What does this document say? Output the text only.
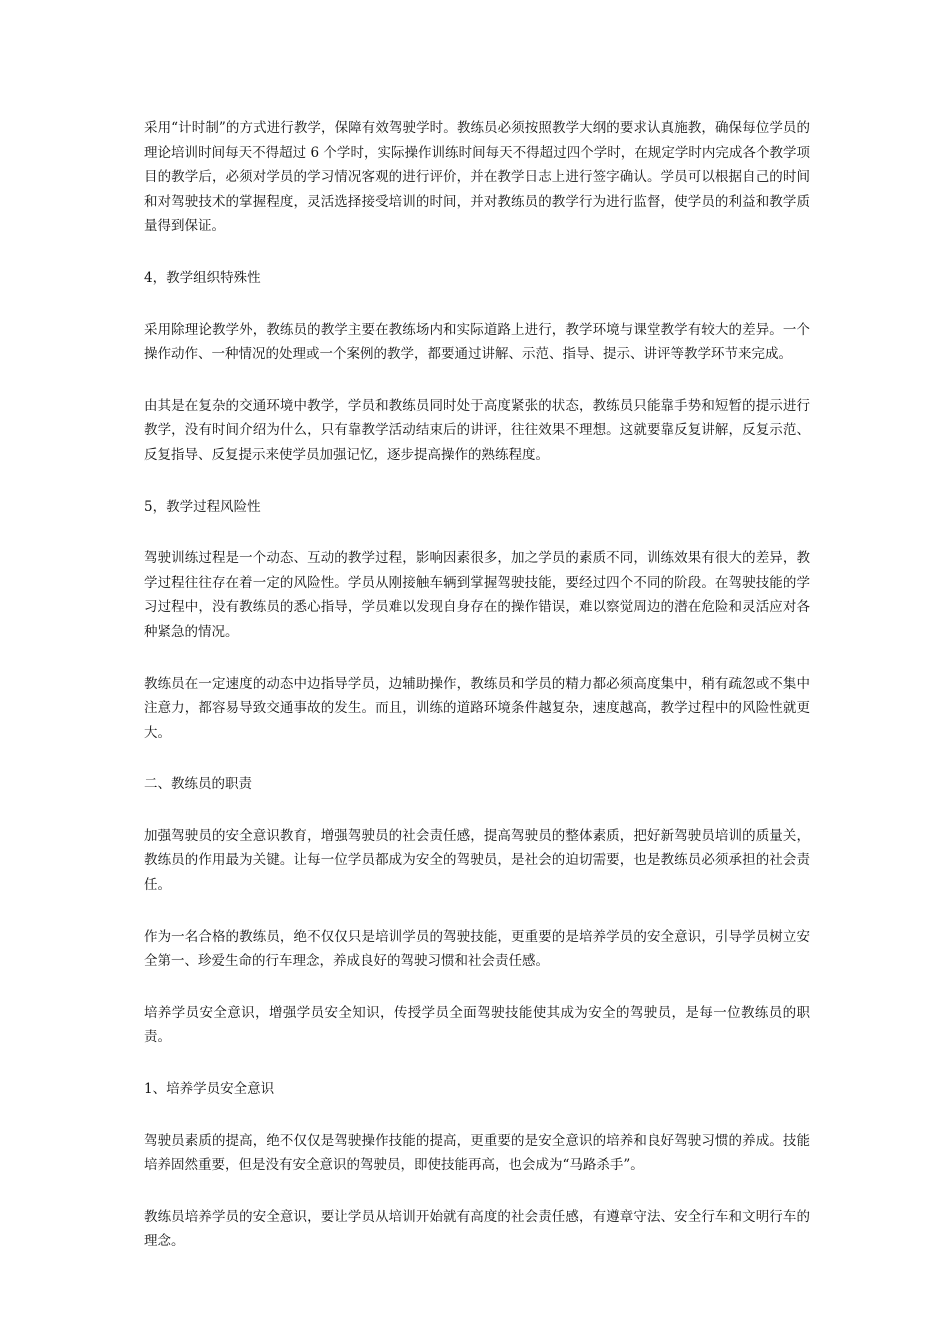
采用“计时制”的方式进行教学，保障有效驾驶学时。教练员必须按照教学大纲的要求认真施教，确保每位学员的理论培训时间每天不得超过 6 个学时，实际操作训练时间每天不得超过四个学时，在规定学时内完成各个教学项目的教学后，必须对学员的学习情况客观的进行评价，并在教学日志上进行签字确认。学员可以根据自己的时间和对驾驶技术的掌握程度，灵活选择接受培训的时间，并对教练员的教学行为进行监督，使学员的利益和教学质量得到保证。

4，教学组织特殊性

采用除理论教学外，教练员的教学主要在教练场内和实际道路上进行，教学环境与课堂教学有较大的差异。一个操作动作、一种情况的处理或一个案例的教学，都要通过讲解、示范、指导、提示、讲评等教学环节来完成。

由其是在复杂的交通环境中教学，学员和教练员同时处于高度紧张的状态，教练员只能靠手势和短暂的提示进行教学，没有时间介绍为什么，只有靠教学活动结束后的讲评，往往效果不理想。这就要靠反复讲解，反复示范、反复指导、反复提示来使学员加强记忆，逐步提高操作的熟练程度。

5，教学过程风险性

驾驶训练过程是一个动态、互动的教学过程，影响因素很多，加之学员的素质不同，训练效果有很大的差异，教学过程往往存在着一定的风险性。学员从刚接触车辆到掌握驾驶技能，要经过四个不同的阶段。在驾驶技能的学习过程中，没有教练员的悉心指导，学员难以发现自身存在的操作错误，难以察觉周边的潜在危险和灵活应对各种紧急的情况。

教练员在一定速度的动态中边指导学员，边辅助操作，教练员和学员的精力都必须高度集中，稍有疏忽或不集中注意力，都容易导致交通事故的发生。而且，训练的道路环境条件越复杂，速度越高，教学过程中的风险性就更大。

二、教练员的职责

加强驾驶员的安全意识教育，增强驾驶员的社会责任感，提高驾驶员的整体素质，把好新驾驶员培训的质量关，教练员的作用最为关键。让每一位学员都成为安全的驾驶员，是社会的迫切需要，也是教练员必须承担的社会责任。

作为一名合格的教练员，绝不仅仅只是培训学员的驾驶技能，更重要的是培养学员的安全意识，引导学员树立安全第一、珍爱生命的行车理念，养成良好的驾驶习惯和社会责任感。

培养学员安全意识，增强学员安全知识，传授学员全面驾驶技能使其成为安全的驾驶员，是每一位教练员的职责。

1、培养学员安全意识

驾驶员素质的提高，绝不仅仅是驾驶操作技能的提高，更重要的是安全意识的培养和良好驾驶习惯的养成。技能培养固然重要，但是没有安全意识的驾驶员，即使技能再高，也会成为“马路杀手”。

教练员培养学员的安全意识，要让学员从培训开始就有高度的社会责任感，有遵章守法、安全行车和文明行车的理念。
